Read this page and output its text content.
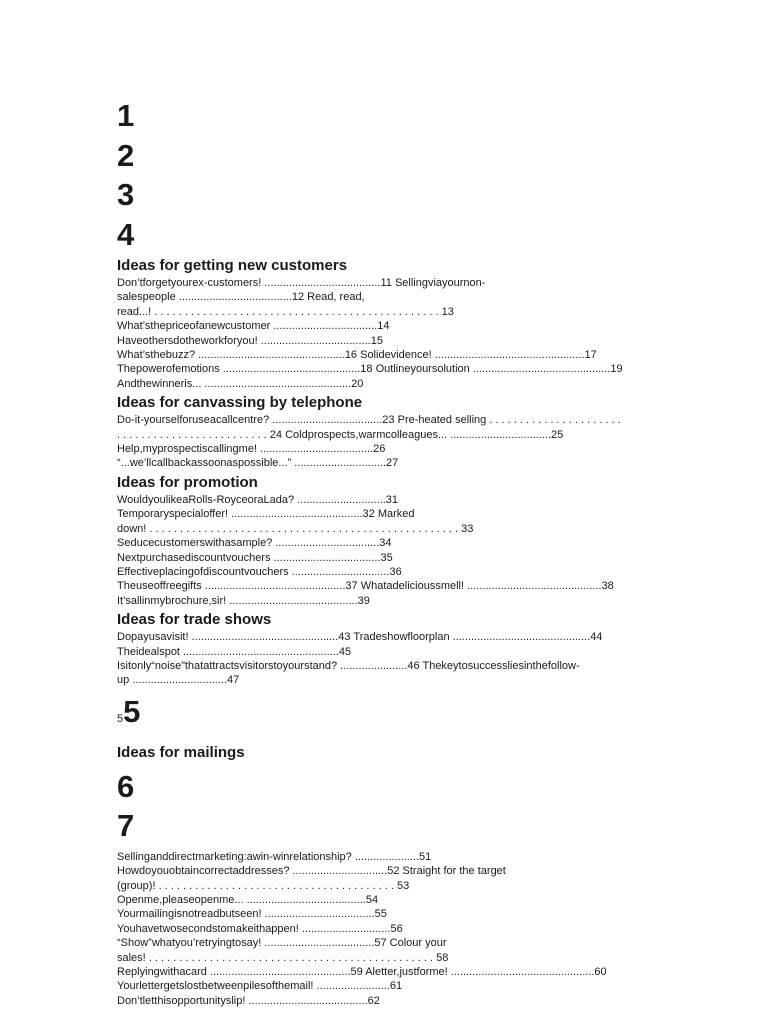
1
2
3
4
Ideas for getting new customers
Don’tforgetyourex-customers! ......................................11 Sellingviayournon-
salespeople .....................................12 Read, read,
read...! . . . . . . . . . . . . . . . . . . . . . . . . . . . . . . . . . . . . . . . . . . . . . . . 13
What’sthepriceofanewcustomer ..................................14
Haveothersdotheworkforyou! ....................................15
What’sthebuzz? ................................................16 Solidevidence! .................................................17
Thepowerofemotions .............................................18 Outlineyoursolution .............................................19
Andthewinneris... ................................................20
Ideas for canvassing by telephone
Do-it-yourselforuseacallcentre? ....................................23 Pre-heated selling . . . . . . . . . . . . . . . . . . . . . .
. . . . . . . . . . . . . . . . . . . . . . . . . 24 Coldprospects,warmcolleagues... .................................25
Help,myprospectiscallingme! .....................................26
“...we’llcallbackassoonaspossible...” ..............................27
Ideas for promotion
WouldyoulikeaRolls-RoyceoraLada? .............................31
Temporaryspecialoffer! ...........................................32 Marked
down! . . . . . . . . . . . . . . . . . . . . . . . . . . . . . . . . . . . . . . . . . . . . . . . . . . . 33
Seducecustomerswithasample? ..................................34
Nextpurchasediscountvouchers ...................................35
Effectiveplacingofdiscountvouchers ................................36
Theuseoffreegifts ..............................................37 Whatadelicioussmell! ............................................38
It’sallinmybrochure,sir! ..........................................39
Ideas for trade shows
Dopayusavisit! ................................................43 Tradeshowfloorplan .............................................44
Theidealspot ...................................................45
Isitonly“noise”thatattractsvisitorstoyourstand? ......................46 Thekeytosuccessliesinthefollow-
up ...............................47
55
Ideas for mailings
6
7
Sellinganddirectmarketing:awin-winrelationship? .....................51
Howdoyouobtaincorrectaddresses? ...............................52 Straight for the target
(group)! . . . . . . . . . . . . . . . . . . . . . . . . . . . . . . . . . . . . . . . 53
Openme,pleaseopenme... .......................................54
Yourmailingisnotreadbutseen! ....................................55
Youhavetwosecondstomakeithappen! .............................56
“Show”whatyou’retryingtosay! ....................................57 Colour your
sales! . . . . . . . . . . . . . . . . . . . . . . . . . . . . . . . . . . . . . . . . . . . . . . . 58
Replyingwithacard ..............................................59 Aletter,justforme! ...............................................60
Yourlettergetslostbetweenpilesofthemail! ........................61
Don’tletthisopportunityslip! .......................................62
